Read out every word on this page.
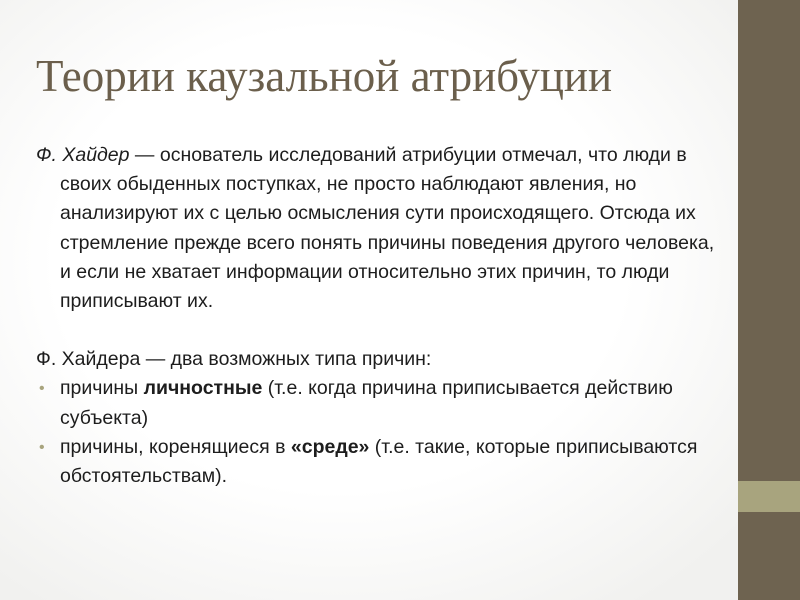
Теории каузальной атрибуции

Ф. Хайдер — основатель исследований атрибуции отмечал, что люди в своих обыденных поступках, не просто наблюдают явления, но анализируют их с целью осмысления сути происходящего. Отсюда их стремление прежде всего понять причины поведения другого человека, и если не хватает информации относительно этих причин, то люди приписывают их.

Ф. Хайдера — два возможных типа причин:

• причины личностные (т.е. когда причина приписывается действию субъекта)
• причины, коренящиеся в «среде» (т.е. такие, которые приписываются обстоятельствам).
